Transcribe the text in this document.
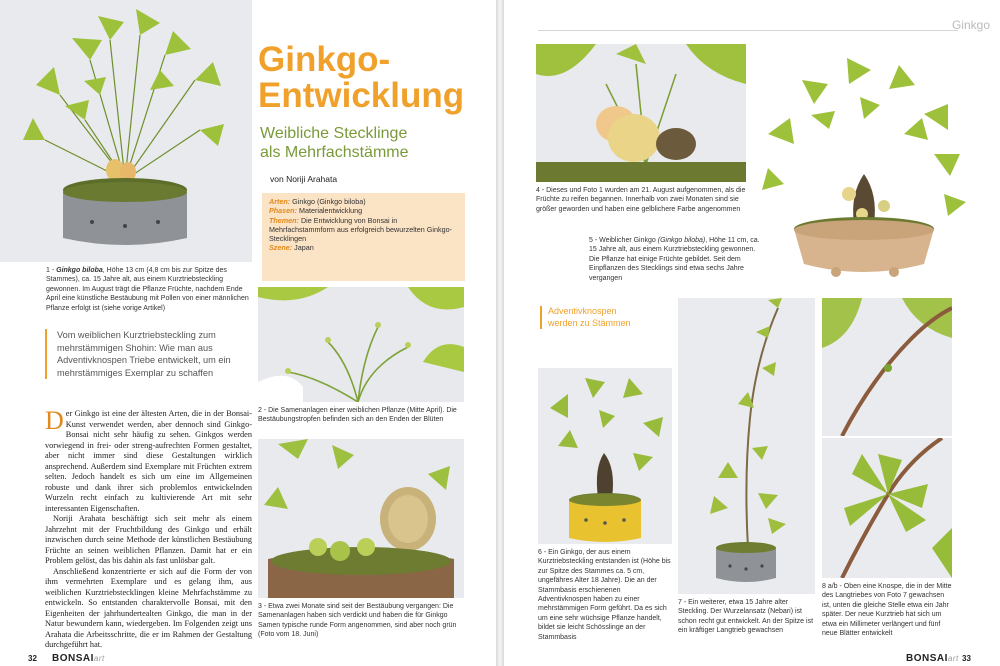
1 - Ginkgo biloba, Höhe 13 cm (4,8 cm bis zur Spitze des Stammes), ca. 15 Jahre alt, aus einem Kurztriebsteckling gewonnen. Im August trägt die Pflanze Früchte, nachdem Ende April eine künstliche Bestäubung mit Pollen von einer männlichen Pflanze erfolgt ist (siehe vorige Artikel)
Ginkgo-
Entwicklung
Weibliche Stecklinge
als Mehrfachstämme
von Noriji Arahata
Arten: Ginkgo (Ginkgo biloba)
Phasen: Materialentwicklung
Themen: Die Entwicklung von Bonsai in Mehrfachstammform aus erfolgreich bewurzelten Ginkgo-Stecklingen
Szene: Japan
2 - Die Samenanlagen einer weiblichen Pflanze (Mitte April). Die Bestäubungstropfen befinden sich an den Enden der Blüten
3 - Etwa zwei Monate sind seit der Bestäubung vergangen: Die Samenanlagen haben sich verdickt und haben die für Ginkgo Samen typische runde Form angenommen, sind aber noch grün (Foto vom 18. Juni)
Vom weiblichen Kurztriebsteckling zum mehrstämmigen Shohin: Wie man aus Adventivknospen Triebe entwickelt, um ein mehrstämmiges Exemplar zu schaffen

Der Ginkgo ist eine der ältesten Arten, die in der Bonsai-Kunst verwendet werden, aber dennoch sind Ginkgo-Bonsai nicht sehr häufig zu sehen. Ginkgos werden vorwiegend in frei- oder streng-aufrechten Formen gestaltet, aber nicht immer sind diese Gestaltungen wirklich ansprechend. Außerdem sind Exemplare mit Früchten extrem selten. Jedoch handelt es sich um eine im Allgemeinen robuste und dank ihrer sich problemlos entwickelnden Wurzeln recht einfach zu kultivierende Art mit sehr interessanten Eigenschaften.

Noriji Arahata beschäftigt sich seit mehr als einem Jahrzehnt mit der Fruchtbildung des Ginkgo und erhält inzwischen durch seine Methode der künstlichen Bestäubung Früchte an seinen weiblichen Pflanzen. Damit hat er ein Problem gelöst, das bis dahin als fast unlösbar galt.

Anschließend konzentrierte er sich auf die Form der von ihm vermehrten Exemplare und es gelang ihm, aus weiblichen Kurztriebstecklingen kleine Mehrfachstämme zu entwickeln. So entstanden charaktervolle Bonsai, mit den Eigenheiten der jahrhundertealten Ginkgo, die man in der Natur bewundern kann, wiedergeben. Im Folgenden zeigt uns Arahata die Arbeitsschritte, die er im Rahmen der Gestaltung durchgeführt hat.

32 BONSAIart
Ginkgo
4 - Dieses und Foto 1 wurden am 21. August aufgenommen, als die Früchte zu reifen begannen. Innerhalb von zwei Monaten sind sie größer geworden und haben eine gelblichere Farbe angenommen
5 - Weiblicher Ginkgo (Ginkgo biloba), Höhe 11 cm, ca. 15 Jahre alt, aus einem Kurztriebsteckling gewonnen. Die Pflanze hat einige Früchte gebildet. Seit dem Einpflanzen des Stecklings sind etwa sechs Jahre vergangen
Adventivknospen
werden zu Stämmen
6 - Ein Ginkgo, der aus einem Kurztriebsteckling entstanden ist (Höhe bis zur Spitze des Stammes ca. 5 cm, ungefähres Alter 18 Jahre). Die an der Stammbasis erschienenen Adventivknospen haben zu einer mehrstämmigen Form geführt. Da es sich um eine sehr wüchsige Pflanze handelt, bildet sie leicht Schösslinge an der Stammbasis
7 - Ein weiterer, etwa 15 Jahre alter Steckling. Der Wurzelansatz (Nebari) ist schon recht gut entwickelt. An der Spitze ist ein kräftiger Langtrieb gewachsen
8 a/b - Oben eine Knospe, die in der Mitte des Langtriebes von Foto 7 gewachsen ist, unten die gleiche Stelle etwa ein Jahr später. Der neue Kurztrieb hat sich um etwa ein Millimeter verlängert und fünf neue Blätter entwickelt
BONSAIart 33
